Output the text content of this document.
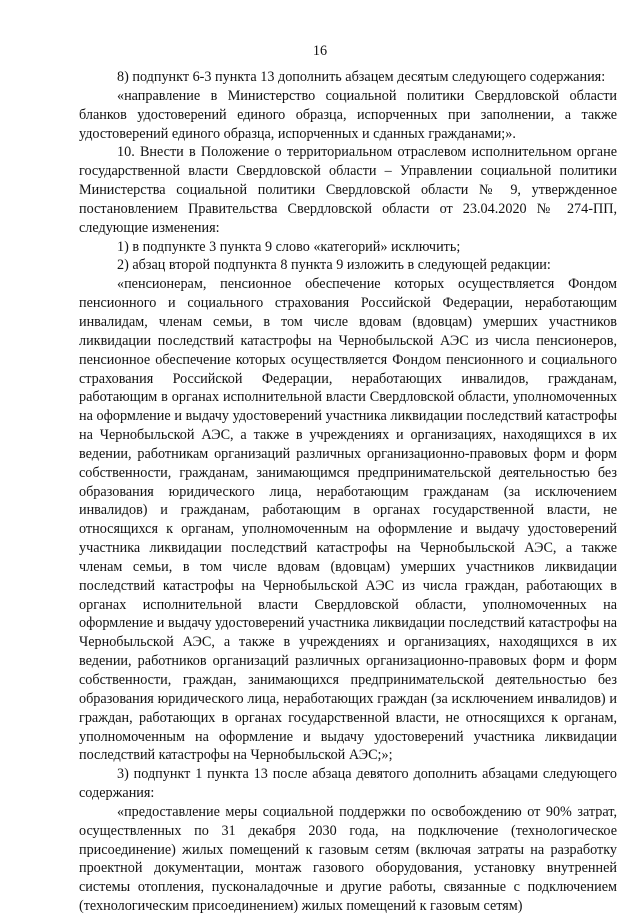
16

8) подпункт 6-3 пункта 13 дополнить абзацем десятым следующего содержания:

«направление в Министерство социальной политики Свердловской области бланков удостоверений единого образца, испорченных при заполнении, а также удостоверений единого образца, испорченных и сданных гражданами;».

10. Внести в Положение о территориальном отраслевом исполнительном органе государственной власти Свердловской области – Управлении социальной политики Министерства социальной политики Свердловской области № 9, утвержденное постановлением Правительства Свердловской области от 23.04.2020 № 274-ПП, следующие изменения:

1) в подпункте 3 пункта 9 слово «категорий» исключить;

2) абзац второй подпункта 8 пункта 9 изложить в следующей редакции:

«пенсионерам, пенсионное обеспечение которых осуществляется Фондом пенсионного и социального страхования Российской Федерации, неработающим инвалидам, членам семьи, в том числе вдовам (вдовцам) умерших участников ликвидации последствий катастрофы на Чернобыльской АЭС из числа пенсионеров, пенсионное обеспечение которых осуществляется Фондом пенсионного и социального страхования Российской Федерации, неработающих инвалидов, гражданам, работающим в органах исполнительной власти Свердловской области, уполномоченных на оформление и выдачу удостоверений участника ликвидации последствий катастрофы на Чернобыльской АЭС, а также в учреждениях и организациях, находящихся в их ведении, работникам организаций различных организационно-правовых форм и форм собственности, гражданам, занимающимся предпринимательской деятельностью без образования юридического лица, неработающим гражданам (за исключением инвалидов) и гражданам, работающим в органах государственной власти, не относящихся к органам, уполномоченным на оформление и выдачу удостоверений участника ликвидации последствий катастрофы на Чернобыльской АЭС, а также членам семьи, в том числе вдовам (вдовцам) умерших участников ликвидации последствий катастрофы на Чернобыльской АЭС из числа граждан, работающих в органах исполнительной власти Свердловской области, уполномоченных на оформление и выдачу удостоверений участника ликвидации последствий катастрофы на Чернобыльской АЭС, а также в учреждениях и организациях, находящихся в их ведении, работников организаций различных организационно-правовых форм и форм собственности, граждан, занимающихся предпринимательской деятельностью без образования юридического лица, неработающих граждан (за исключением инвалидов) и граждан, работающих в органах государственной власти, не относящихся к органам, уполномоченным на оформление и выдачу удостоверений участника ликвидации последствий катастрофы на Чернобыльской АЭС;»;

3) подпункт 1 пункта 13 после абзаца девятого дополнить абзацами следующего содержания:

«предоставление меры социальной поддержки по освобождению от 90% затрат, осуществленных по 31 декабря 2030 года, на подключение (технологическое присоединение) жилых помещений к газовым сетям (включая затраты на разработку проектной документации, монтаж газового оборудования, установку внутренней системы отопления, пусконаладочные и другие работы, связанные с подключением (технологическим присоединением) жилых помещений к газовым сетям)
